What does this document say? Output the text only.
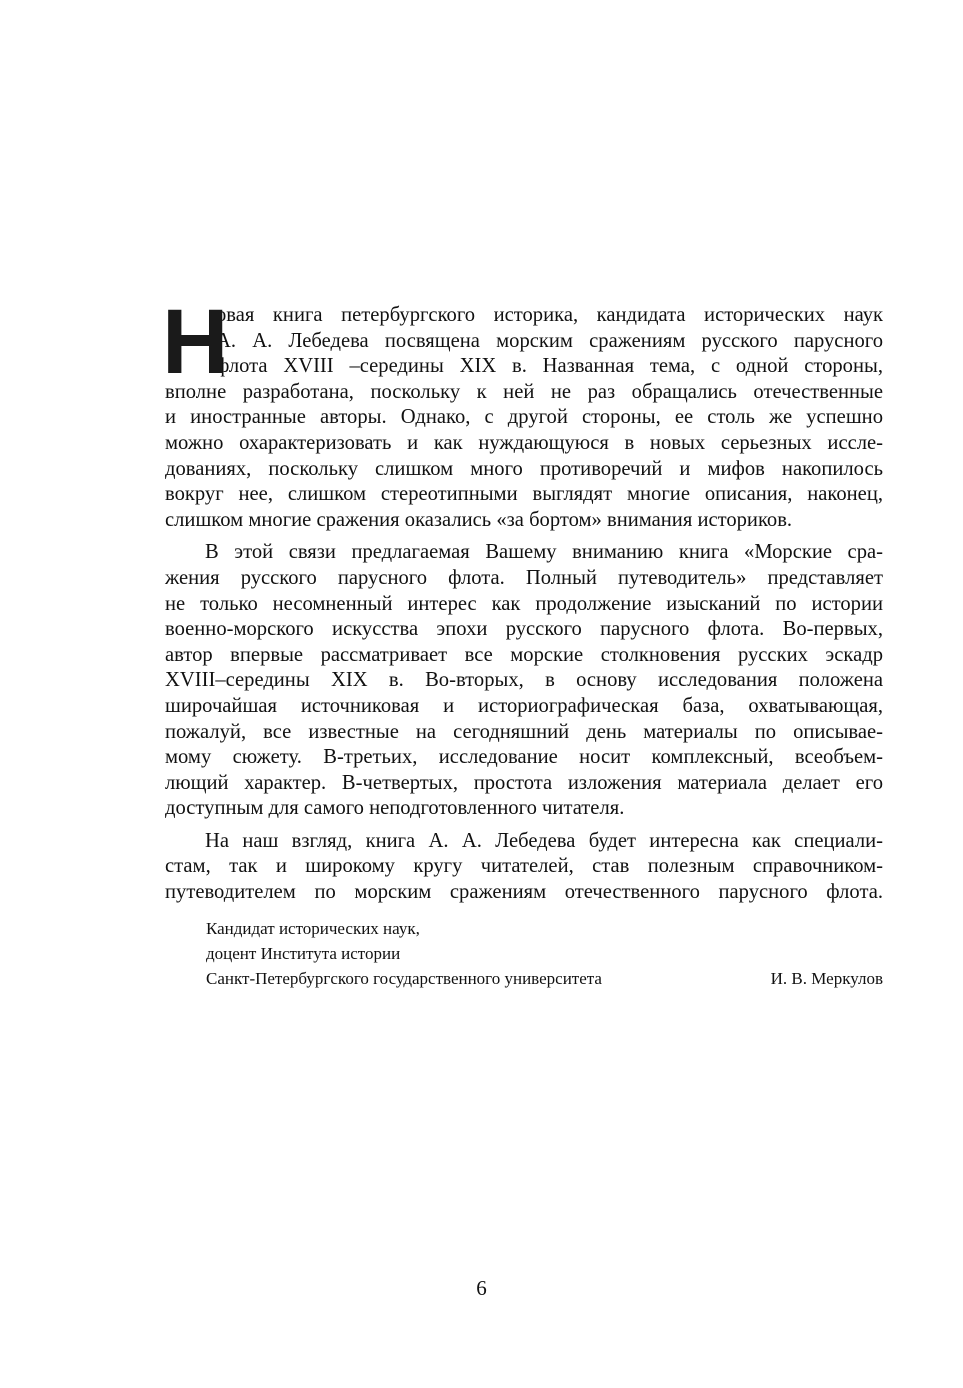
Н
овая книга петербургского историка, кандидата исторических наук
А. А. Лебедева посвящена морским сражениям русского парусного
флота XVIII –середины XIX в. Названная тема, с одной стороны,
вполне разработана, поскольку к ней не раз обращались отечественные
и иностранные авторы. Однако, с другой стороны, ее столь же успешно
можно охарактеризовать и как нуждающуюся в новых серьезных иссле-
дованиях, поскольку слишком много противоречий и мифов накопилось
вокруг нее, слишком стереотипными выглядят многие описания, наконец,
слишком многие сражения оказались «за бортом» внимания историков.
В этой связи предлагаемая Вашему вниманию книга «Морские сра-
жения русского парусного флота. Полный путеводитель» представляет
не только несомненный интерес как продолжение изысканий по истории
военно-морского искусства эпохи русского парусного флота. Во-первых,
автор впервые рассматривает все морские столкновения русских эскадр
XVIII–середины XIX в. Во-вторых, в основу исследования положена
широчайшая источниковая и историографическая база, охватывающая,
пожалуй, все известные на сегодняшний день материалы по описывае-
мому сюжету. В-третьих, исследование носит комплексный, всеобъем-
лющий характер. В-четвертых, простота изложения материала делает его
доступным для самого неподготовленного читателя.
На наш взгляд, книга А. А. Лебедева будет интересна как специали-
стам, так и широкому кругу читателей, став полезным справочником-
путеводителем по морским сражениям отечественного парусного флота.
Кандидат исторических наук,
доцент Института истории
Санкт-Петербургского государственного университета	И. В. Меркулов
6
